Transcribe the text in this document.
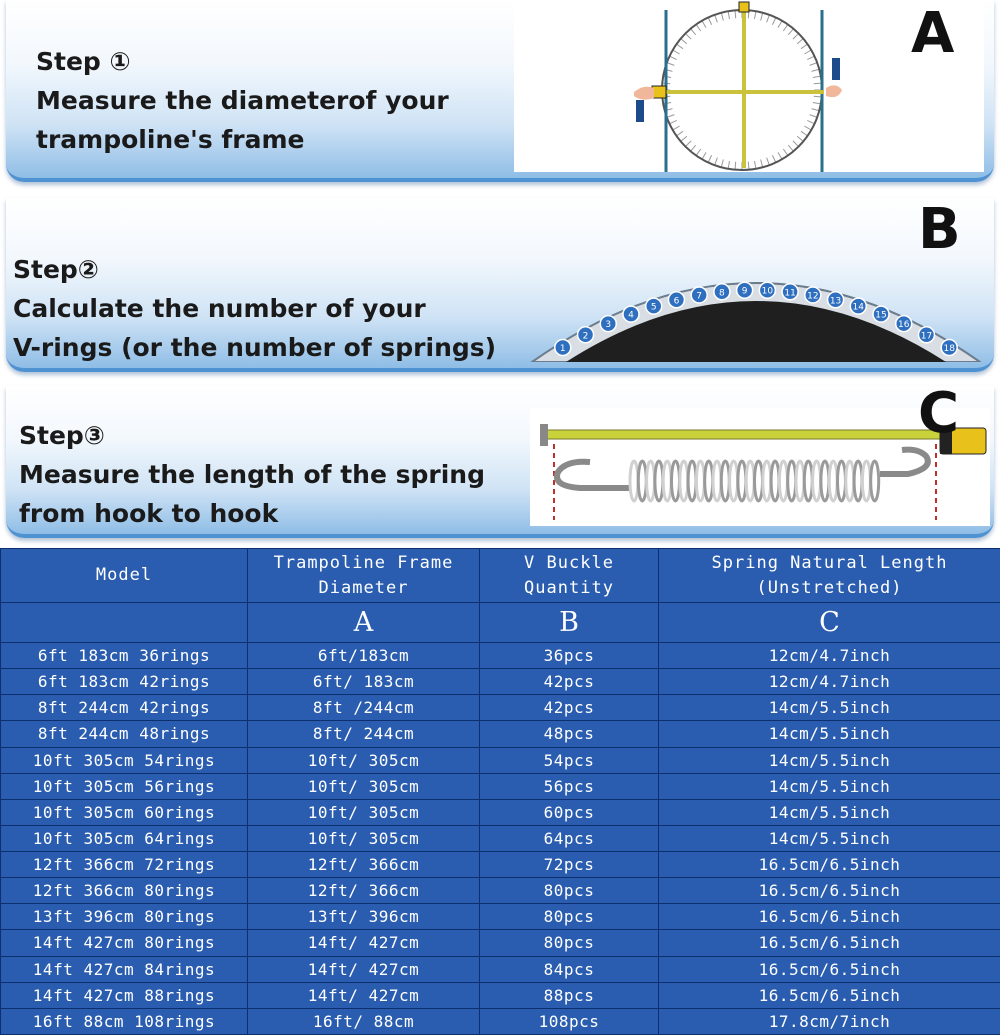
Step ①
Measure the diameterof your
trampoline's frame
A
Step②
Calculate the number of your
V-rings (or the number of springs)	1
2
3
4
5
6 7 8 9 10 11 12 13
14
15
16
17
18
B
Step③
Measure the length of the spring
from hook to hook
C
Model	Trampoline Frame Diameter	V Buckle Quantity	Spring Natural Length (Unstretched)
	A	B	C
6ft 183cm 36rings	6ft/183cm	36pcs	12cm/4.7inch
6ft 183cm 42rings	6ft/ 183cm	42pcs	12cm/4.7inch
8ft 244cm 42rings	8ft /244cm	42pcs	14cm/5.5inch
8ft 244cm 48rings	8ft/ 244cm	48pcs	14cm/5.5inch
10ft 305cm 54rings	10ft/ 305cm	54pcs	14cm/5.5inch
10ft 305cm 56rings	10ft/ 305cm	56pcs	14cm/5.5inch
10ft 305cm 60rings	10ft/ 305cm	60pcs	14cm/5.5inch
10ft 305cm 64rings	10ft/ 305cm	64pcs	14cm/5.5inch
12ft 366cm 72rings	12ft/ 366cm	72pcs	16.5cm/6.5inch
12ft 366cm 80rings	12ft/ 366cm	80pcs	16.5cm/6.5inch
13ft 396cm 80rings	13ft/ 396cm	80pcs	16.5cm/6.5inch
14ft 427cm 80rings	14ft/ 427cm	80pcs	16.5cm/6.5inch
14ft 427cm 84rings	14ft/ 427cm	84pcs	16.5cm/6.5inch
14ft 427cm 88rings	14ft/ 427cm	88pcs	16.5cm/6.5inch
16ft 88cm 108rings	16ft/ 88cm	108pcs	17.8cm/7inch
